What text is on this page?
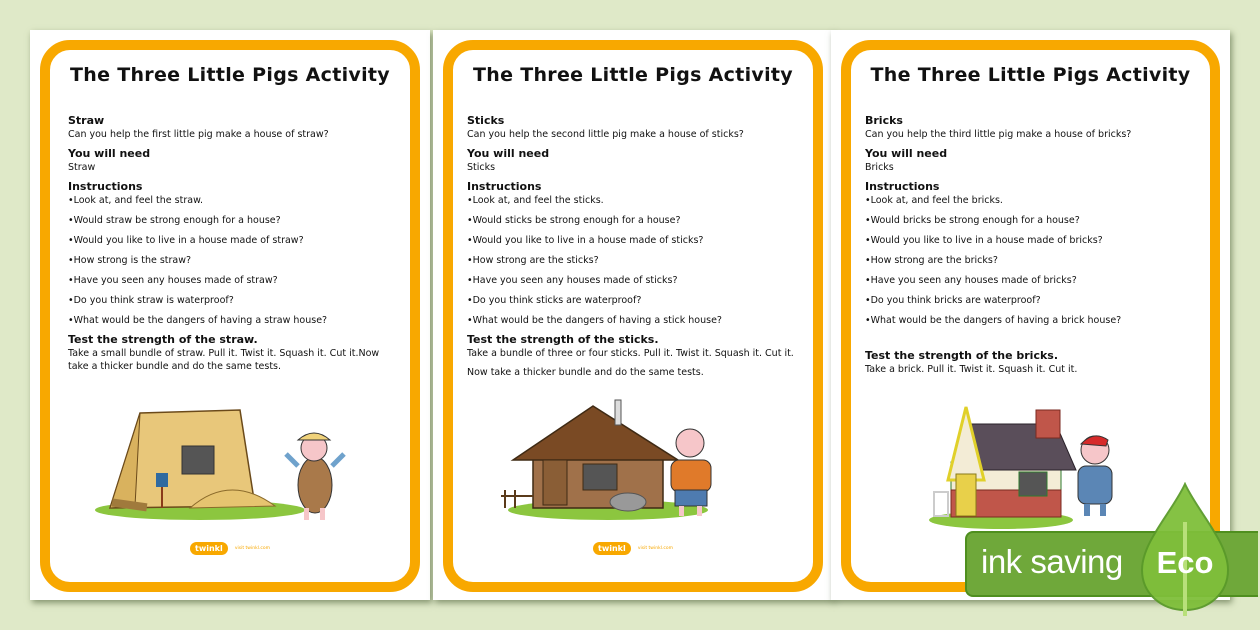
The Three Little Pigs Activity
Straw
Can you help the first little pig make a house of straw?
You will need
Straw
Instructions
• Look at, and feel the straw.
• Would straw be strong enough for a house?
• Would you like to live in a house made of straw?
• How strong is the straw?
• Have you seen any houses made of straw?
• Do you think straw is waterproof?
• What would be the dangers of having a straw house?
Test the strength of the straw.
Take a small bundle of straw. Pull it. Twist it. Squash it. Cut it.Now take a thicker bundle and do the same tests.
twinkl	visit twinkl.com
The Three Little Pigs Activity
Sticks
Can you help the second little pig make a house of sticks?
You will need
Sticks
Instructions
• Look at, and feel the sticks.
• Would sticks be strong enough for a house?
• Would you like to live in a house made of sticks?
• How strong are the sticks?
• Have you seen any houses made of sticks?
• Do you think sticks are waterproof?
• What would be the dangers of having a stick house?
Test the strength of the sticks.
Take a bundle of three or four sticks. Pull it. Twist it. Squash it. Cut it.
Now take a thicker bundle and do the same tests.
twinkl	visit twinkl.com
The Three Little Pigs Activity
Bricks
Can you help the third little pig make a house of bricks?
You will need
Bricks
Instructions
• Look at, and feel the bricks.
• Would bricks be strong enough for a house?
• Would you like to live in a house made of bricks?
• How strong are the bricks?
• Have you seen any houses made of bricks?
• Do you think bricks are waterproof?
• What would be the dangers of having a brick house?
Test the strength of the bricks.
Take a brick. Pull it. Twist it. Squash it. Cut it.
ink saving Eco
